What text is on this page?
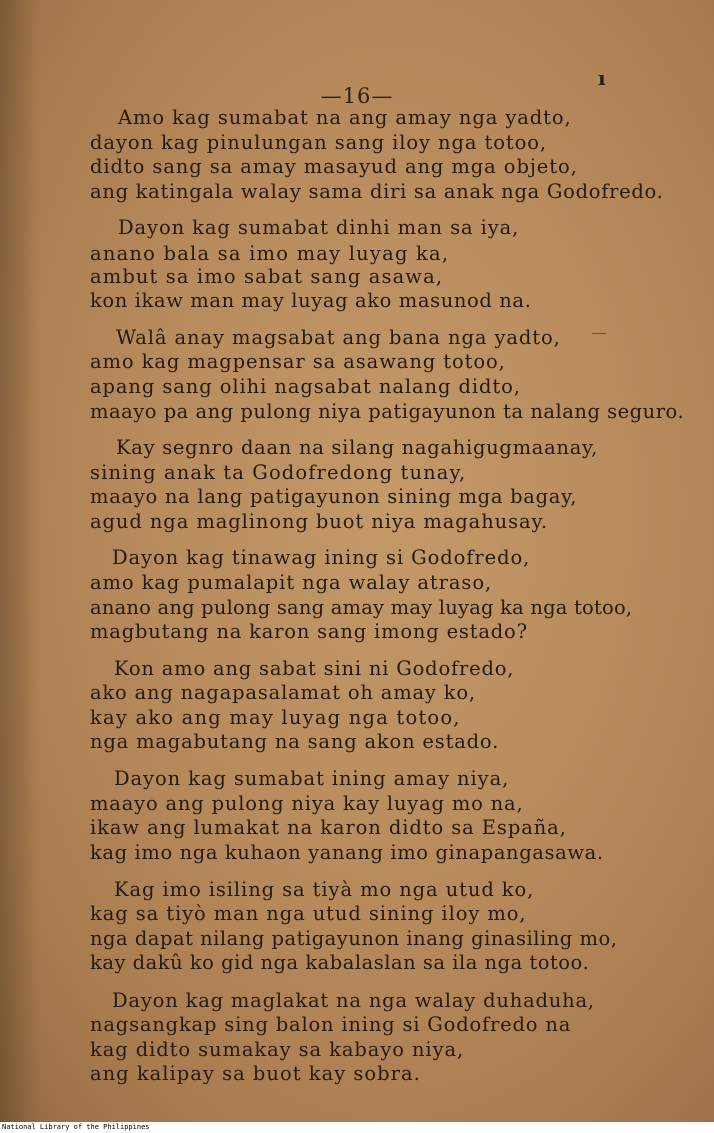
—16—
ı
Amo kag sumabat na ang amay nga yadto,
dayon kag pinulungan sang iloy nga totoo,
didto sang sa amay masayud ang mga objeto,
ang katingala walay sama diri sa anak nga Godofredo.
Dayon kag sumabat dinhi man sa iya,
anano bala sa imo may luyag ka,
ambut sa imo sabat sang asawa,
kon ikaw man may luyag ako masunod na.
Walâ anay magsabat ang bana nga yadto,
amo kag magpensar sa asawang totoo,
apang sang olihi nagsabat nalang didto,
maayo pa ang pulong niya patigayunon ta nalang seguro.
Kay segnro daan na silang nagahigugmaanay,
sining anak ta Godofredong tunay,
maayo na lang patigayunon sining mga bagay,
agud nga maglinong buot niya magahusay.
Dayon kag tinawag ining si Godofredo,
amo kag pumalapit nga walay atraso,
anano ang pulong sang amay may luyag ka nga totoo,
magbutang na karon sang imong estado?
Kon amo ang sabat sini ni Godofredo,
ako ang nagapasalamat oh amay ko,
kay ako ang may luyag nga totoo,
nga magabutang na sang akon estado.
Dayon kag sumabat ining amay niya,
maayo ang pulong niya kay luyag mo na,
ikaw ang lumakat na karon didto sa España,
kag imo nga kuhaon yanang imo ginapangasawa.
Kag imo isiling sa tiyà mo nga utud ko,
kag sa tiyò man nga utud sining iloy mo,
nga dapat nilang patigayunon inang ginasiling mo,
kay dakû ko gid nga kabalaslan sa ila nga totoo.
Dayon kag maglakat na nga walay duhaduha,
nagsangkap sing balon ining si Godofredo na
kag didto sumakay sa kabayo niya,
ang kalipay sa buot kay sobra.
National Library of the Philippines
